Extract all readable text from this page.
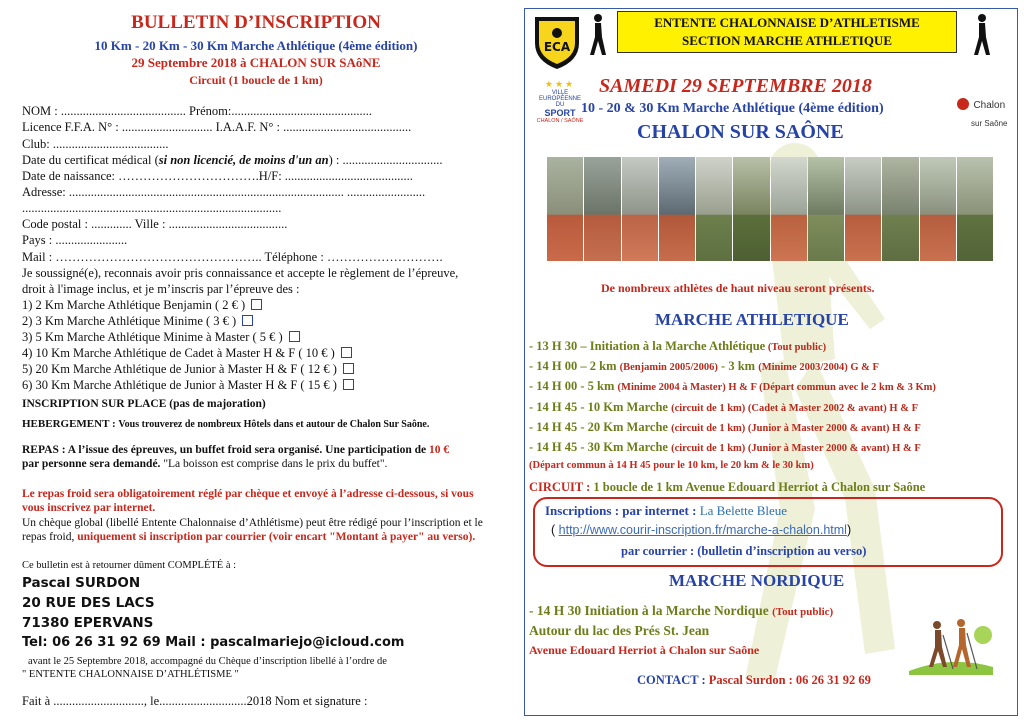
BULLETIN D’INSCRIPTION
10 Km - 20 Km - 30 Km Marche Athlétique (4ème édition)
29 Septembre 2018 à CHALON SUR SAôNE
Circuit (1 boucle de 1 km)
NOM : ........................................ Prénom:.............................................
Licence F.F.A. N° : ............................. I.A.A.F. N° : .........................................
Club: .....................................
Date du certificat médical (si non licencié, de moins d'un an) : ................................
Date de naissance: …………………………….H/F: .........................................
Adresse: ........................................................................................ .........................
...................................................................................
Code postal : ............. Ville : ......................................
Pays : .......................
Mail : ………………………………………….. Téléphone : ……………………….
Je soussigné(e), reconnais avoir pris connaissance et accepte le règlement de l’épreuve,
droit à l'image inclus, et je m’inscris par l’épreuve des :
1) 2 Km Marche Athlétique Benjamin ( 2 € )
2) 3 Km Marche Athlétique Minime ( 3 € )
3) 5 Km Marche Athlétique Minime à Master ( 5 € )
4) 10 Km Marche Athlétique de Cadet à Master H & F ( 10 € )
5) 20 Km Marche Athlétique de Junior à Master H & F ( 12 € )
6) 30 Km Marche Athlétique de Junior à Master H & F ( 15 € )
INSCRIPTION SUR PLACE (pas de majoration)
HEBERGEMENT : Vous trouverez de nombreux Hôtels dans et autour de Chalon Sur Saône.
REPAS : A l’issue des épreuves, un buffet froid sera organisé. Une participation de 10 €
par personne sera demandé. "La boisson est comprise dans le prix du buffet".
Le repas froid sera obligatoirement réglé par chèque et envoyé à l’adresse ci-dessous, si vous vous inscrivez par internet.
Un chèque global (libellé Entente Chalonnaise d’Athlétisme) peut être rédigé pour l’inscription et le repas froid, uniquement si inscription par courrier (voir encart "Montant à payer" au verso).
Ce bulletin est à retourner dûment COMPLÉTÉ à :
Pascal SURDON
20 RUE DES LACS
71380 EPERVANS
Tel: 06 26 31 92 69 Mail : pascalmariejo@icloud.com
avant le 25 Septembre 2018, accompagné du Chèque d’inscription libellé à l’ordre de
" ENTENTE CHALONNAISE D’ATHLÉTISME "
Fait à ............................., le............................2018 Nom et signature :
ECA
ENTENTE CHALONNAISE D’ATHLETISME
SECTION MARCHE ATHLETIQUE
★★★
VILLE
EUROPÉENNE
DU
SPORT
CHALON / SAÔNE
Chalon
sur Saône
SAMEDI 29 SEPTEMBRE 2018
10 - 20 & 30 Km Marche Athlétique (4ème édition)
CHALON SUR SAÔNE
De nombreux athlètes de haut niveau seront présents.
MARCHE ATHLETIQUE
- 13 H 30 – Initiation à la Marche Athlétique (Tout public)
- 14 H 00 – 2 km (Benjamin 2005/2006) - 3 km (Minime 2003/2004) G & F
- 14 H 00 - 5 km (Minime 2004 à Master) H & F (Départ commun avec le 2 km & 3 Km)
- 14 H 45 - 10 Km Marche (circuit de 1 km) (Cadet à Master 2002 & avant) H & F
- 14 H 45 - 20 Km Marche (circuit de 1 km) (Junior à Master 2000 & avant) H & F
- 14 H 45 - 30 Km Marche (circuit de 1 km) (Junior à Master 2000 & avant) H & F
(Départ commun à 14 H 45 pour le 10 km, le 20 km & le 30 km)
CIRCUIT : 1 boucle de 1 km Avenue Edouard Herriot à Chalon sur Saône
Inscriptions : par internet : La Belette Bleue
( http://www.courir-inscription.fr/marche-a-chalon.html)
par courrier : (bulletin d’inscription au verso)
MARCHE NORDIQUE
- 14 H 30 Initiation à la Marche Nordique (Tout public)
Autour du lac des Prés St. Jean
Avenue Edouard Herriot à Chalon sur Saône
CONTACT : Pascal Surdon : 06 26 31 92 69
